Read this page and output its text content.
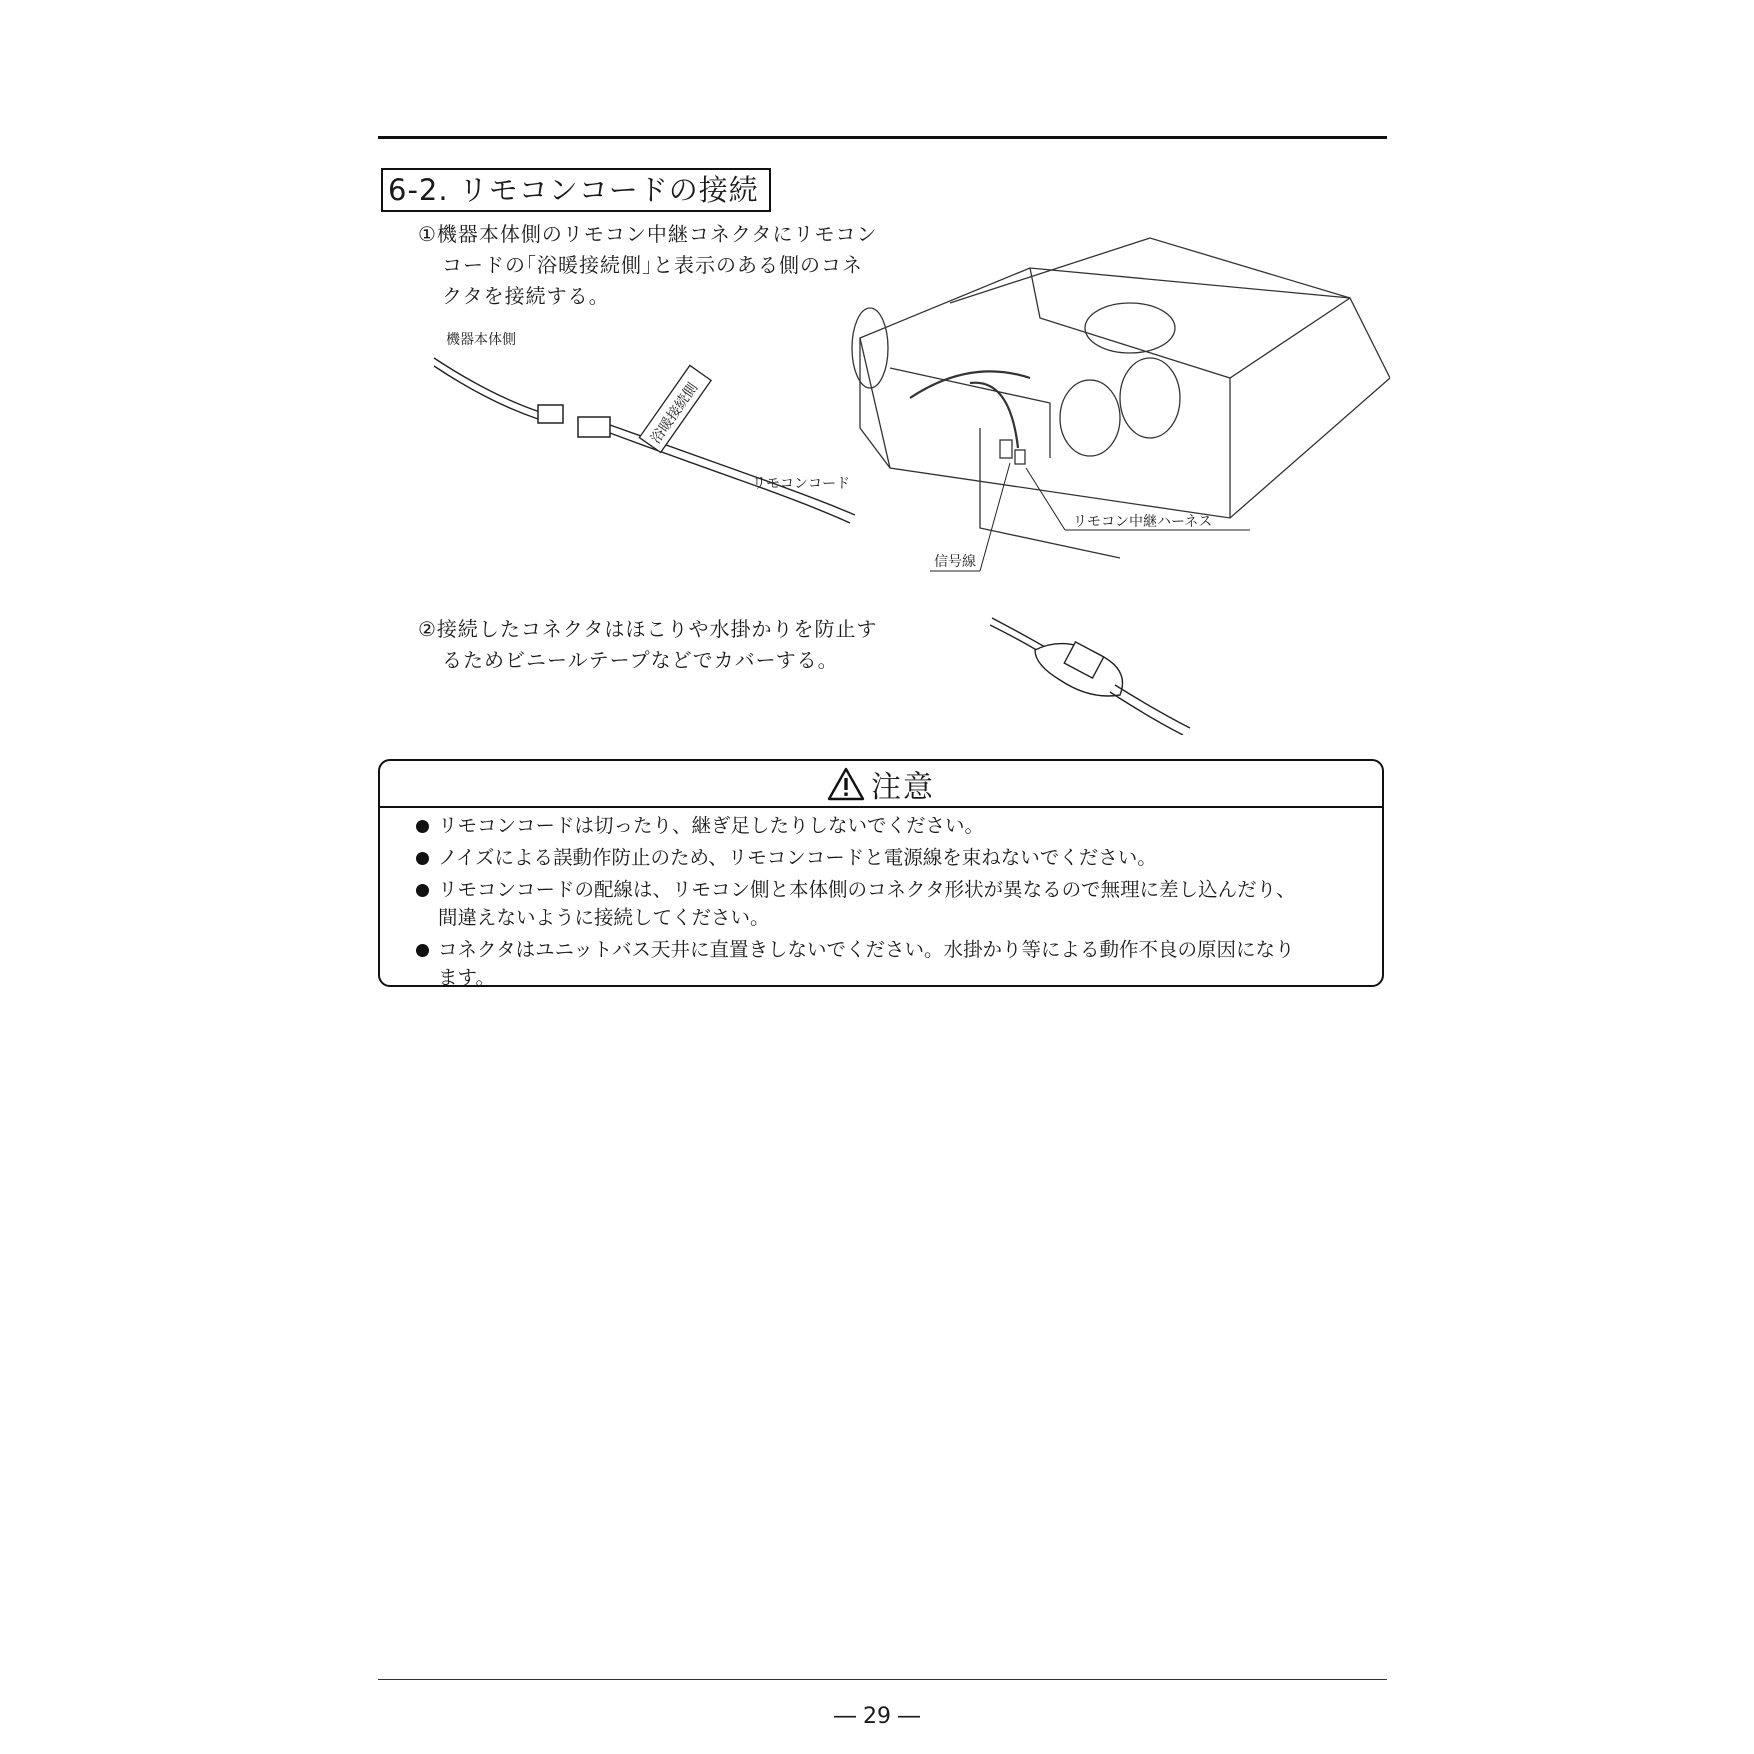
6-2. リモコンコードの接続
①機器本体側のリモコン中継コネクタにリモコン
コードの｢浴暖接続側｣と表示のある側のコネ
クタを接続する。
機器本体側
浴暖接続側
リモコンコード
リモコン中継ハーネス
信号線
②接続したコネクタはほこりや水掛かりを防止す
るためビニールテープなどでカバーする。
注意
リモコンコードは切ったり、継ぎ足したりしないでください。
ノイズによる誤動作防止のため、リモコンコードと電源線を束ねないでください。
リモコンコードの配線は、リモコン側と本体側のコネクタ形状が異なるので無理に差し込んだり、
間違えないように接続してください。
コネクタはユニットバス天井に直置きしないでください。水掛かり等による動作不良の原因になり
ます。
― 29 ―
